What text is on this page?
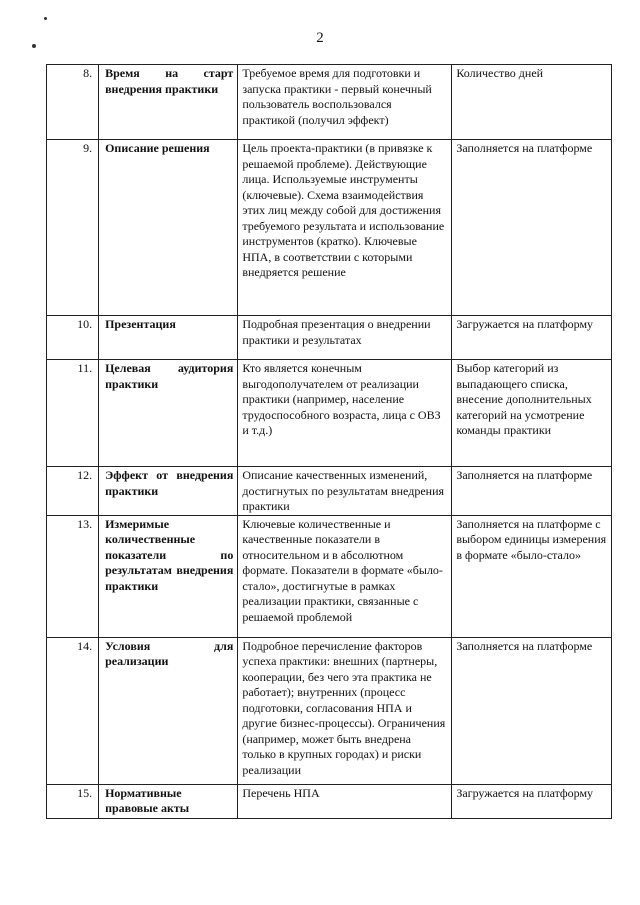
2
8.	Время на старт внедрения практики	Требуемое время для подготовки и запуска практики - первый конечный пользователь воспользовался практикой (получил эффект)	Количество дней
9.	Описание решения	Цель проекта-практики (в привязке к решаемой проблеме). Действующие лица. Используемые инструменты (ключевые). Схема взаимодействия этих лиц между собой для достижения требуемого результата и использование инструментов (кратко). Ключевые НПА, в соответствии с которыми внедряется решение	Заполняется на платформе
10.	Презентация	Подробная презентация о внедрении практики и результатах	Загружается на платформу
11.	Целевая аудитория практики	Кто является конечным выгодополучателем от реализации практики (например, население трудоспособного возраста, лица с ОВЗ и т.д.)	Выбор категорий из выпадающего списка, внесение дополнительных категорий на усмотрение команды практики
12.	Эффект от внедрения практики	Описание качественных изменений, достигнутых по результатам внедрения практики	Заполняется на платформе
13.	Измеримые количественные показатели по результатам внедрения практики	Ключевые количественные и качественные показатели в относительном и в абсолютном формате. Показатели в формате «было-стало», достигнутые в рамках реализации практики, связанные с решаемой проблемой	Заполняется на платформе с выбором единицы измерения в формате «было-стало»
14.	Условия для реализации	Подробное перечисление факторов успеха практики: внешних (партнеры, кооперации, без чего эта практика не работает); внутренних (процесс подготовки, согласования НПА и другие бизнес-процессы). Ограничения (например, может быть внедрена только в крупных городах) и риски реализации	Заполняется на платформе
15.	Нормативные правовые акты	Перечень НПА	Загружается на платформу
